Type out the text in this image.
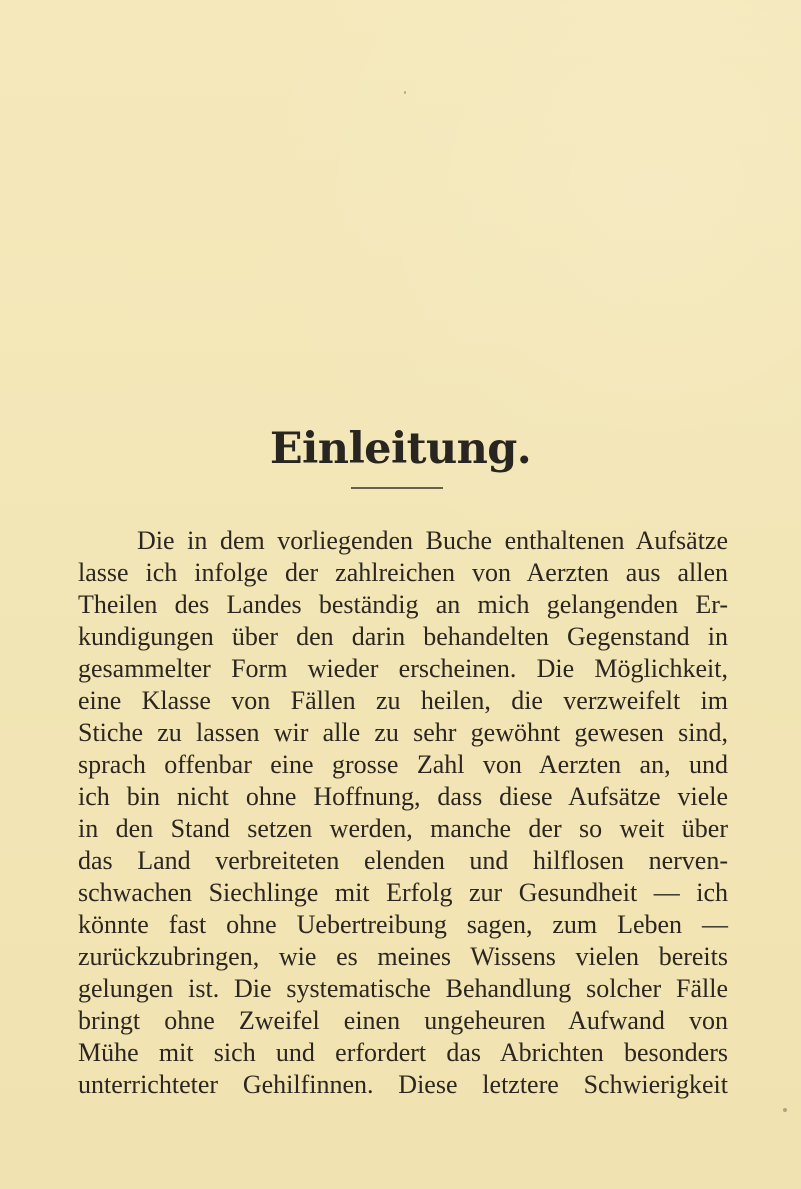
Einleitung.
Die in dem vorliegenden Buche enthaltenen Aufsätze
lasse ich infolge der zahlreichen von Aerzten aus allen
Theilen des Landes beständig an mich gelangenden Er-
kundigungen über den darin behandelten Gegenstand in
gesammelter Form wieder erscheinen. Die Möglichkeit,
eine Klasse von Fällen zu heilen, die verzweifelt im
Stiche zu lassen wir alle zu sehr gewöhnt gewesen sind,
sprach offenbar eine grosse Zahl von Aerzten an, und
ich bin nicht ohne Hoffnung, dass diese Aufsätze viele
in den Stand setzen werden, manche der so weit über
das Land verbreiteten elenden und hilflosen nerven-
schwachen Siechlinge mit Erfolg zur Gesundheit — ich
könnte fast ohne Uebertreibung sagen, zum Leben —
zurückzubringen, wie es meines Wissens vielen bereits
gelungen ist. Die systematische Behandlung solcher Fälle
bringt ohne Zweifel einen ungeheuren Aufwand von
Mühe mit sich und erfordert das Abrichten besonders
unterrichteter Gehilfinnen. Diese letztere Schwierigkeit
